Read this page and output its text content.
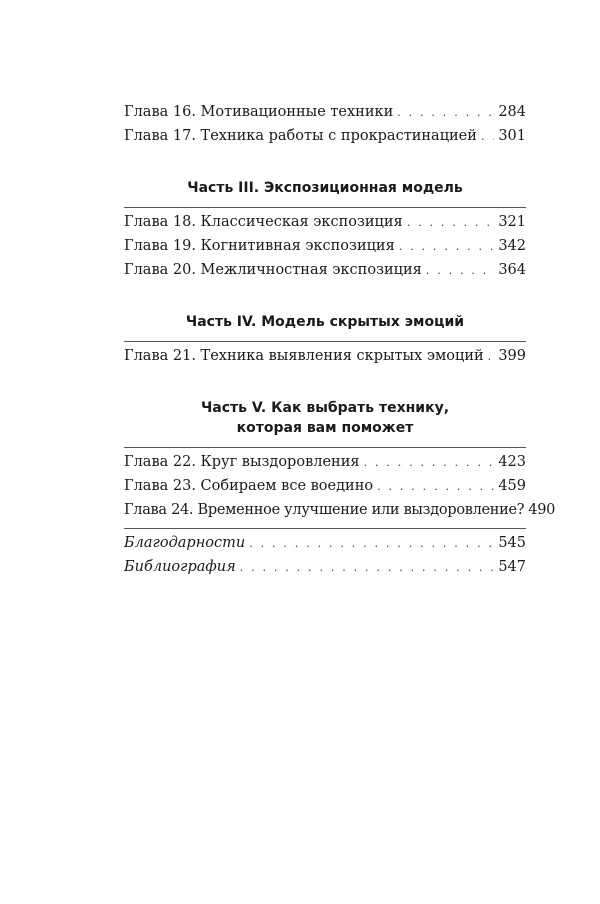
Глава 16. Мотивационные техники . . .	284
Глава 17. Техника работы с прокрастинацией . . . 301
Часть III. Экспозиционная модель
Глава 18. Классическая экспозиция . . .	321
Глава 19. Когнитивная экспозиция . . .	342
Глава 20. Межличностная экспозиция . . .	364
Часть IV. Модель скрытых эмоций
Глава 21. Техника выявления скрытых эмоций . . . 399
Часть V. Как выбрать технику,
которая вам поможет
Глава 22. Круг выздоровления . . .	423
Глава 23. Собираем все воедино . . .	459
Глава 24. Временное улучшение или выздоровление? 490
Благодарности . . .	545
Библиография . . .	547
